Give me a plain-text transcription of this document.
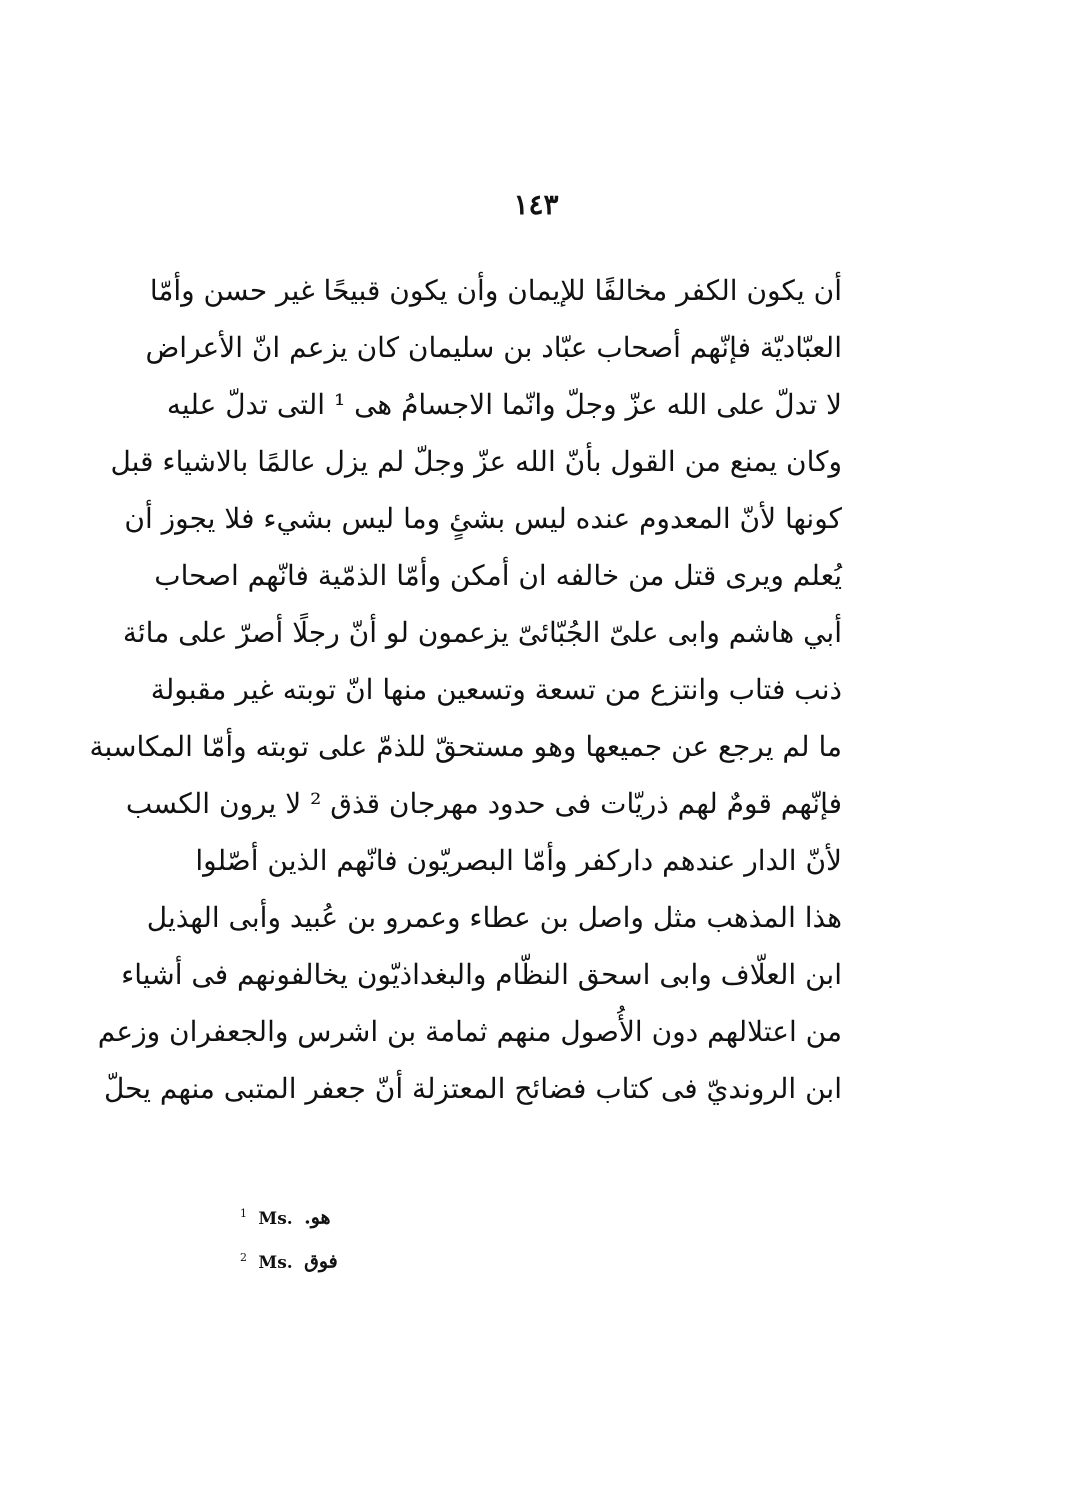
١٤٣
أن يكون الكفر مخالفًا للإيمان وأن يكون قبيحًا غير حسن وأمّا
العبّاديّة فإنّهم أصحاب عبّاد بن سليمان كان يزعم انّ الأعراض
لا تدلّ على الله عزّ وجلّ وانّما الاجسامُ هى ¹ التى تدلّ عليه
وكان يمنع من القول بأنّ الله عزّ وجلّ لم يزل عالمًا بالاشياء قبل
كونها لأنّ المعدوم عنده ليس بشئٍ وما ليس بشيء فلا يجوز أن
يُعلم ويرى قتل من خالفه ان أمكن وأمّا الذمّية فانّهم اصحاب
أبي هاشم وابى علىّ الجُبّائىّ يزعمون لو أنّ رجلًا أصرّ على مائة
ذنب فتاب وانتزع من تسعة وتسعين منها انّ توبته غير مقبولة
ما لم يرجع عن جميعها وهو مستحقّ للذمّ على توبته وأمّا المكاسبة
فإنّهم قومٌ لهم ذريّات فى حدود مهرجان قذق ² لا يرون الكسب
لأنّ الدار عندهم داركفر وأمّا البصريّون فانّهم الذين أصّلوا
هذا المذهب مثل واصل بن عطاء وعمرو بن عُبيد وأبى الهذيل
ابن العلّاف وابى اسحق النظّام والبغداذيّون يخالفونهم فى أشياء
من اعتلالهم دون الأُصول منهم ثمامة بن اشرس والجعفران وزعم
ابن الرونديّ فى كتاب فضائح المعتزلة أنّ جعفر المتبى منهم يحلّ
$^1$ Ms. هو.
$^2$ Ms. فوق
